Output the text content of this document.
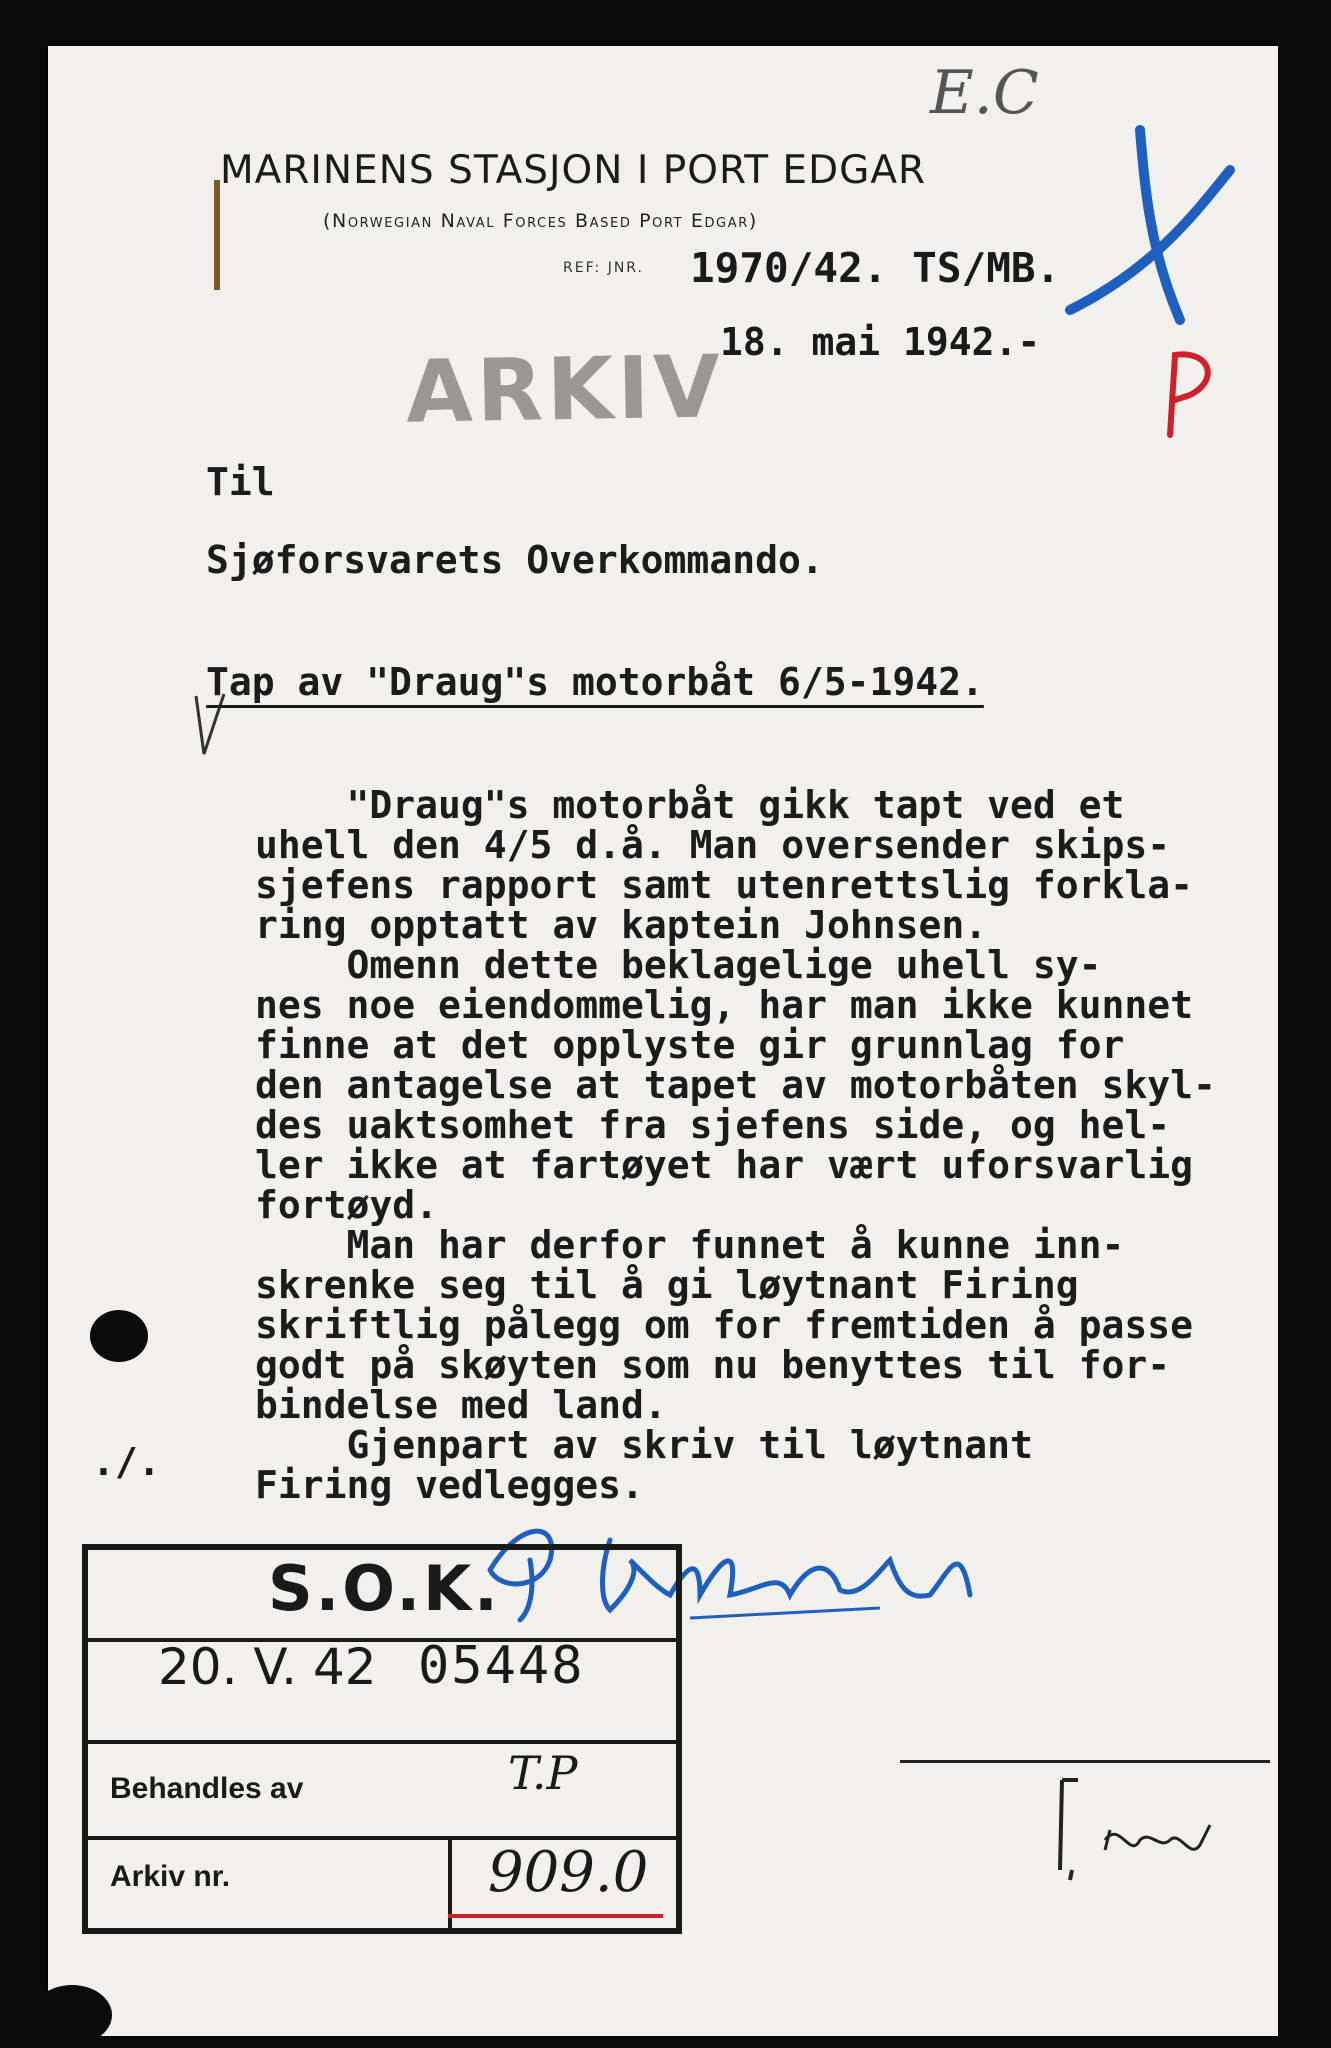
MARINENS STASJON I PORT EDGAR
(Norwegian Naval Forces Based Port Edgar)
REF: JNR. 1970/42. TS/MB.
ARKIV
18. mai 1942.-
E.C
Til
Sjøforsvarets Overkommando.
Tap av "Draug"s motorbåt 6/5-1942.
"Draug"s motorbåt gikk tapt ved et
uhell den 4/5 d.å. Man oversender skips-
sjefens rapport samt utenrettslig forkla-
ring opptatt av kaptein Johnsen.
Omenn dette beklagelige uhell sy-
nes noe eiendommelig, har man ikke kunnet
finne at det opplyste gir grunnlag for
den antagelse at tapet av motorbåten skyl-
des uaktsomhet fra sjefens side, og hel-
ler ikke at fartøyet har vært uforsvarlig
fortøyd.
Man har derfor funnet å kunne inn-
skrenke seg til å gi løytnant Firing
skriftlig pålegg om for fremtiden å passe
godt på skøyten som nu benyttes til for-
bindelse med land.
Gjenpart av skriv til løytnant
Firing vedlegges.
./.
S.O.K.
20. V. 42 05448
Behandles av	T.P
Arkiv nr.	909.0
